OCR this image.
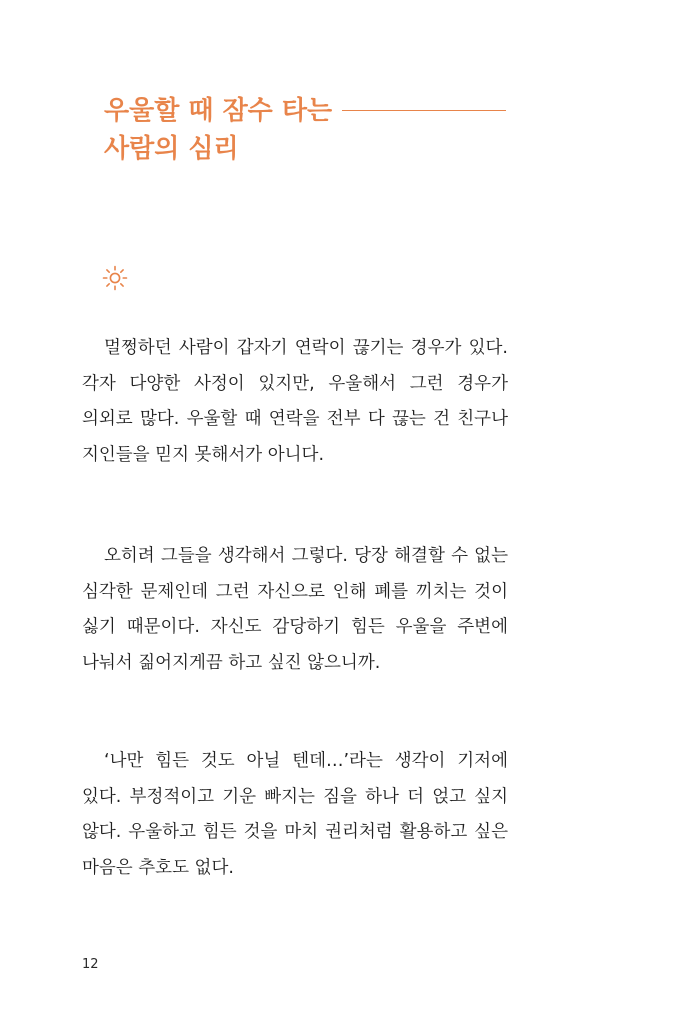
우울할 때 잠수 타는
사람의 심리

멀쩡하던 사람이 갑자기 연락이 끊기는 경우가 있다. 각자 다양한 사정이 있지만, 우울해서 그런 경우가 의외로 많다. 우울할 때 연락을 전부 다 끊는 건 친구나 지인들을 믿지 못해서가 아니다.

오히려 그들을 생각해서 그렇다. 당장 해결할 수 없는 심각한 문제인데 그런 자신으로 인해 폐를 끼치는 것이 싫기 때문이다. 자신도 감당하기 힘든 우울을 주변에 나눠서 짊어지게끔 하고 싶진 않으니까.

‘나만 힘든 것도 아닐 텐데…’라는 생각이 기저에 있다. 부정적이고 기운 빠지는 짐을 하나 더 얹고 싶지 않다. 우울하고 힘든 것을 마치 권리처럼 활용하고 싶은 마음은 추호도 없다.

12
